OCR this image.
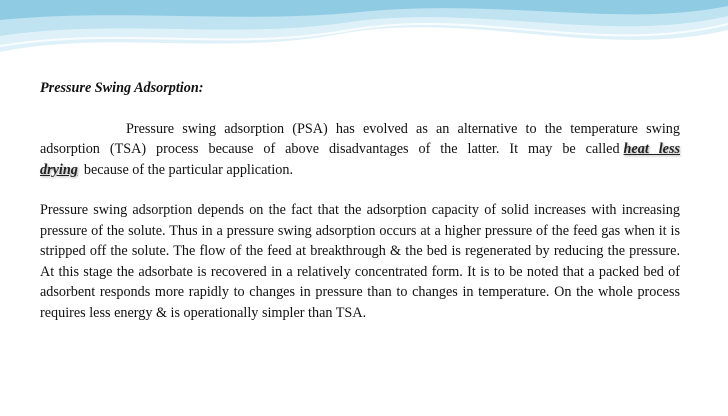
Pressure Swing Adsorption:

Pressure swing adsorption (PSA) has evolved as an alternative to the temperature swing adsorption (TSA) process because of above disadvantages of the latter. It may be called heat less drying because of the particular application.

Pressure swing adsorption depends on the fact that the adsorption capacity of solid increases with increasing pressure of the solute. Thus in a pressure swing adsorption occurs at a higher pressure of the feed gas when it is stripped off the solute. The flow of the feed at breakthrough & the bed is regenerated by reducing the pressure. At this stage the adsorbate is recovered in a relatively concentrated form. It is to be noted that a packed bed of adsorbent responds more rapidly to changes in pressure than to changes in temperature. On the whole process requires less energy & is operationally simpler than TSA.
